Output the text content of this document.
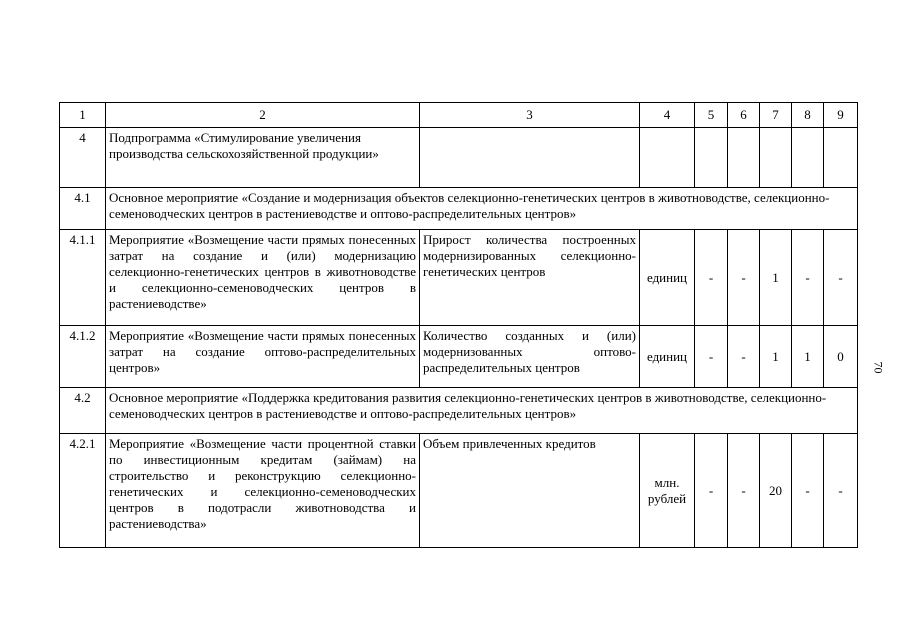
1	2	3	4	5	6	7	8	9
4	Подпрограмма «Стимулирование увеличения производства сельскохозяйственной продукции»							
4.1	Основное мероприятие «Создание и модернизация объектов селекционно-генетических центров в животноводстве, селекционно-семеноводческих центров в растениеводстве и оптово-распределительных центров»							
4.1.1	Мероприятие «Возмещение части прямых понесенных затрат на создание и (или) модернизацию селекционно-генетических центров в животноводстве и селекционно-семеноводческих центров в растениеводстве»	Прирост количества построенных модернизированных селекционно-генетических центров	единиц	-	-	1	-	-
4.1.2	Мероприятие «Возмещение части прямых понесенных затрат на создание оптово-распределительных центров»	Количество созданных и (или) модернизованных оптово-распределительных центров	единиц	-	-	1	1	0
4.2	Основное мероприятие «Поддержка кредитования развития селекционно-генетических центров в животноводстве, селекционно-семеноводческих центров в растениеводстве и оптово-распределительных центров»							
4.2.1	Мероприятие «Возмещение части процентной ставки по инвестиционным кредитам (займам) на строительство и реконструкцию селекционно-генетических и селекционно-семеноводческих центров в подотрасли животноводства и растениеводства»	Объем привлеченных кредитов	млн. рублей	-	-	20	-	-
70
